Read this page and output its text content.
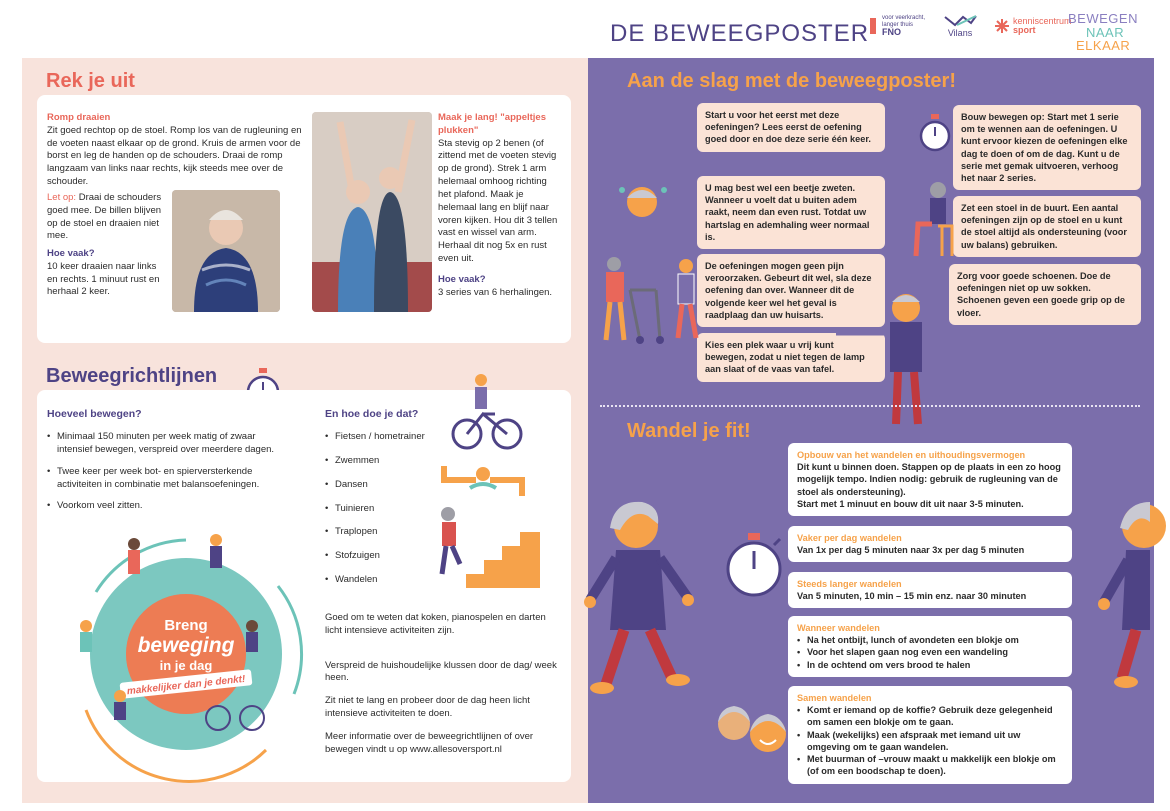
DE BEWEEGPOSTER
voor veerkracht,
langer thuis
FNO	Vilans
kenniscentrum
sport
BEWEGEN
NAAR
ELKAAR
Rek je uit
Romp draaien
Zit goed rechtop op de stoel. Romp los van de rugleuning en de voeten naast elkaar op de grond. Kruis de armen voor de borst en leg de handen op de schouders. Draai de romp langzaam van links naar rechts, kijk steeds mee over de schouder.
Let op: Draai de schouders goed mee. De billen blijven op de stoel en draaien niet mee.
Hoe vaak?
10 keer draaien naar links en rechts. 1 minuut rust en herhaal 2 keer.
Maak je lang! "appeltjes plukken"
Sta stevig op 2 benen (of zittend met de voeten stevig op de grond). Strek 1 arm helemaal omhoog richting het plafond. Maak je helemaal lang en blijf naar voren kijken. Hou dit 3 tellen vast en wissel van arm. Herhaal dit nog 5x en rust even uit.
Hoe vaak?
3 series van 6 herhalingen.
Beweegrichtlijnen
Hoeveel bewegen?
• Minimaal 150 minuten per week matig of zwaar intensief bewegen, verspreid over meerdere dagen.
• Twee keer per week bot- en spierversterkende activiteiten in combinatie met balansoefeningen.
• Voorkom veel zitten.
En hoe doe je dat?
• Fietsen / hometrainer
• Zwemmen
• Dansen
• Tuinieren
• Traplopen
• Stofzuigen
• Wandelen

Goed om te weten dat koken, pianospelen en darten licht intensieve activiteiten zijn.

Verspreid de huishoudelijke klussen door de dag/ week heen.

Zit niet te lang en probeer door de dag heen licht intensieve activiteiten te doen.

Meer informatie over de beweegrichtlijnen of over bewegen vindt u op www.allesoversport.nl

Breng
beweging
in je dag
makkelijker dan je denkt!
Aan de slag met de beweegposter!
Start u voor het eerst met deze oefeningen? Lees eerst de oefening goed door en doe deze serie één keer.
U mag best wel een beetje zweten. Wanneer u voelt dat u buiten adem raakt, neem dan even rust. Totdat uw hartslag en ademhaling weer normaal is.
De oefeningen mogen geen pijn veroorzaken. Gebeurt dit wel, sla deze oefening dan over. Wanneer dit de volgende keer wel het geval is raadplaag dan uw huisarts.
Kies een plek waar u vrij kunt bewegen, zodat u niet tegen de lamp aan slaat of de vaas van tafel.
Bouw bewegen op: Start met 1 serie om te wennen aan de oefeningen. U kunt ervoor kiezen de oefeningen elke dag te doen of om de dag. Kunt u de serie met gemak uitvoeren, verhoog het naar 2 series.
Zet een stoel in de buurt. Een aantal oefeningen zijn op de stoel en u kunt de stoel altijd als ondersteuning (voor uw balans) gebruiken.
Zorg voor goede schoenen. Doe de oefeningen niet op uw sokken. Schoenen geven een goede grip op de vloer.
Wandel je fit!
Opbouw van het wandelen en uithoudingsvermogen
Dit kunt u binnen doen. Stappen op de plaats in een zo hoog mogelijk tempo. Indien nodig: gebruik de rugleuning van de stoel als ondersteuning).
Start met 1 minuut en bouw dit uit naar 3-5 minuten.
Vaker per dag wandelen
Van 1x per dag 5 minuten naar 3x per dag 5 minuten
Steeds langer wandelen
Van 5 minuten, 10 min – 15 min enz. naar 30 minuten
Wanneer wandelen
• Na het ontbijt, lunch of avondeten een blokje om
• Voor het slapen gaan nog even een wandeling
• In de ochtend om vers brood te halen
Samen wandelen
• Komt er iemand op de koffie? Gebruik deze gelegenheid om samen een blokje om te gaan.
• Maak (wekelijks) een afspraak met iemand uit uw omgeving om te gaan wandelen.
• Met buurman of –vrouw maakt u makkelijk een blokje om (of om een boodschap te doen).
